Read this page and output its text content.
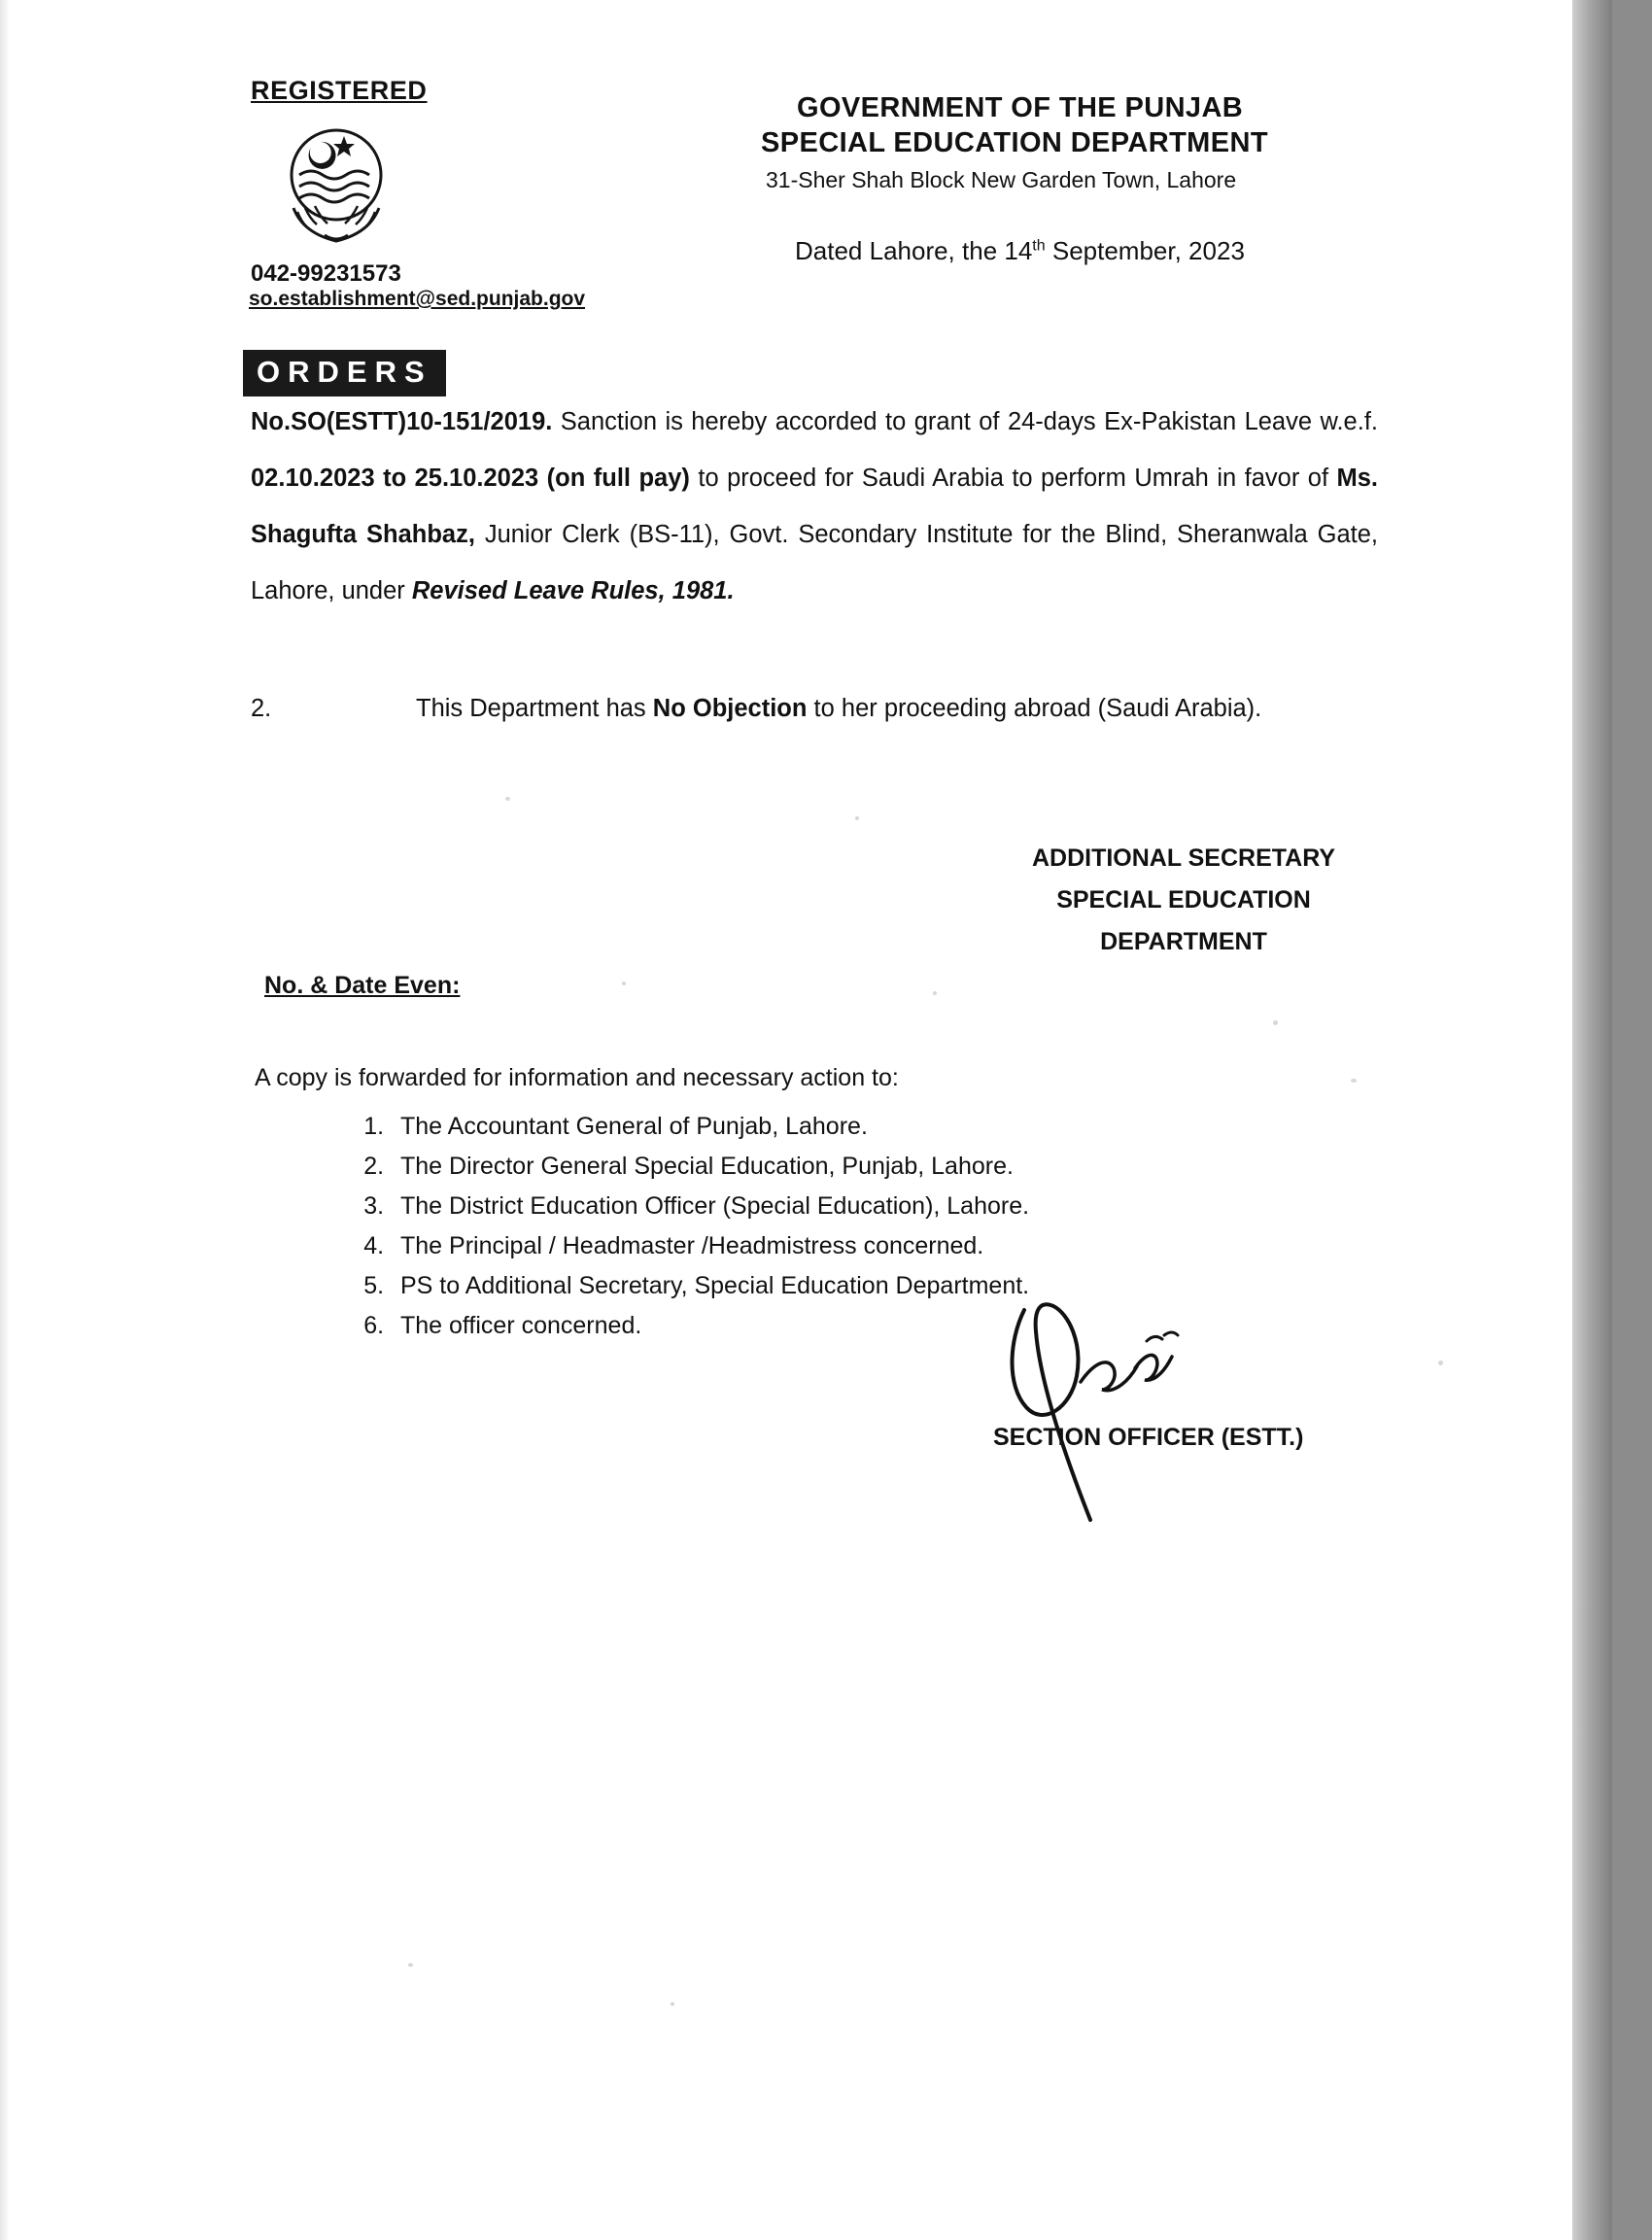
REGISTERED
042-99231573
so.establishment@sed.punjab.gov
GOVERNMENT OF THE PUNJAB
SPECIAL EDUCATION DEPARTMENT
31-Sher Shah Block New Garden Town, Lahore
Dated Lahore, the 14th September, 2023
ORDERS
No.SO(ESTT)10-151/2019. Sanction is hereby accorded to grant of 24-days Ex-Pakistan Leave w.e.f. 02.10.2023 to 25.10.2023 (on full pay) to proceed for Saudi Arabia to perform Umrah in favor of Ms. Shagufta Shahbaz, Junior Clerk (BS-11), Govt. Secondary Institute for the Blind, Sheranwala Gate, Lahore, under Revised Leave Rules, 1981.
2.	This Department has No Objection to her proceeding abroad (Saudi Arabia).
ADDITIONAL SECRETARY
SPECIAL EDUCATION
DEPARTMENT
No. & Date Even:
A copy is forwarded for information and necessary action to:
1. The Accountant General of Punjab, Lahore.
2. The Director General Special Education, Punjab, Lahore.
3. The District Education Officer (Special Education), Lahore.
4. The Principal / Headmaster /Headmistress concerned.
5. PS to Additional Secretary, Special Education Department.
6. The officer concerned.
SECTION OFFICER (ESTT.)
